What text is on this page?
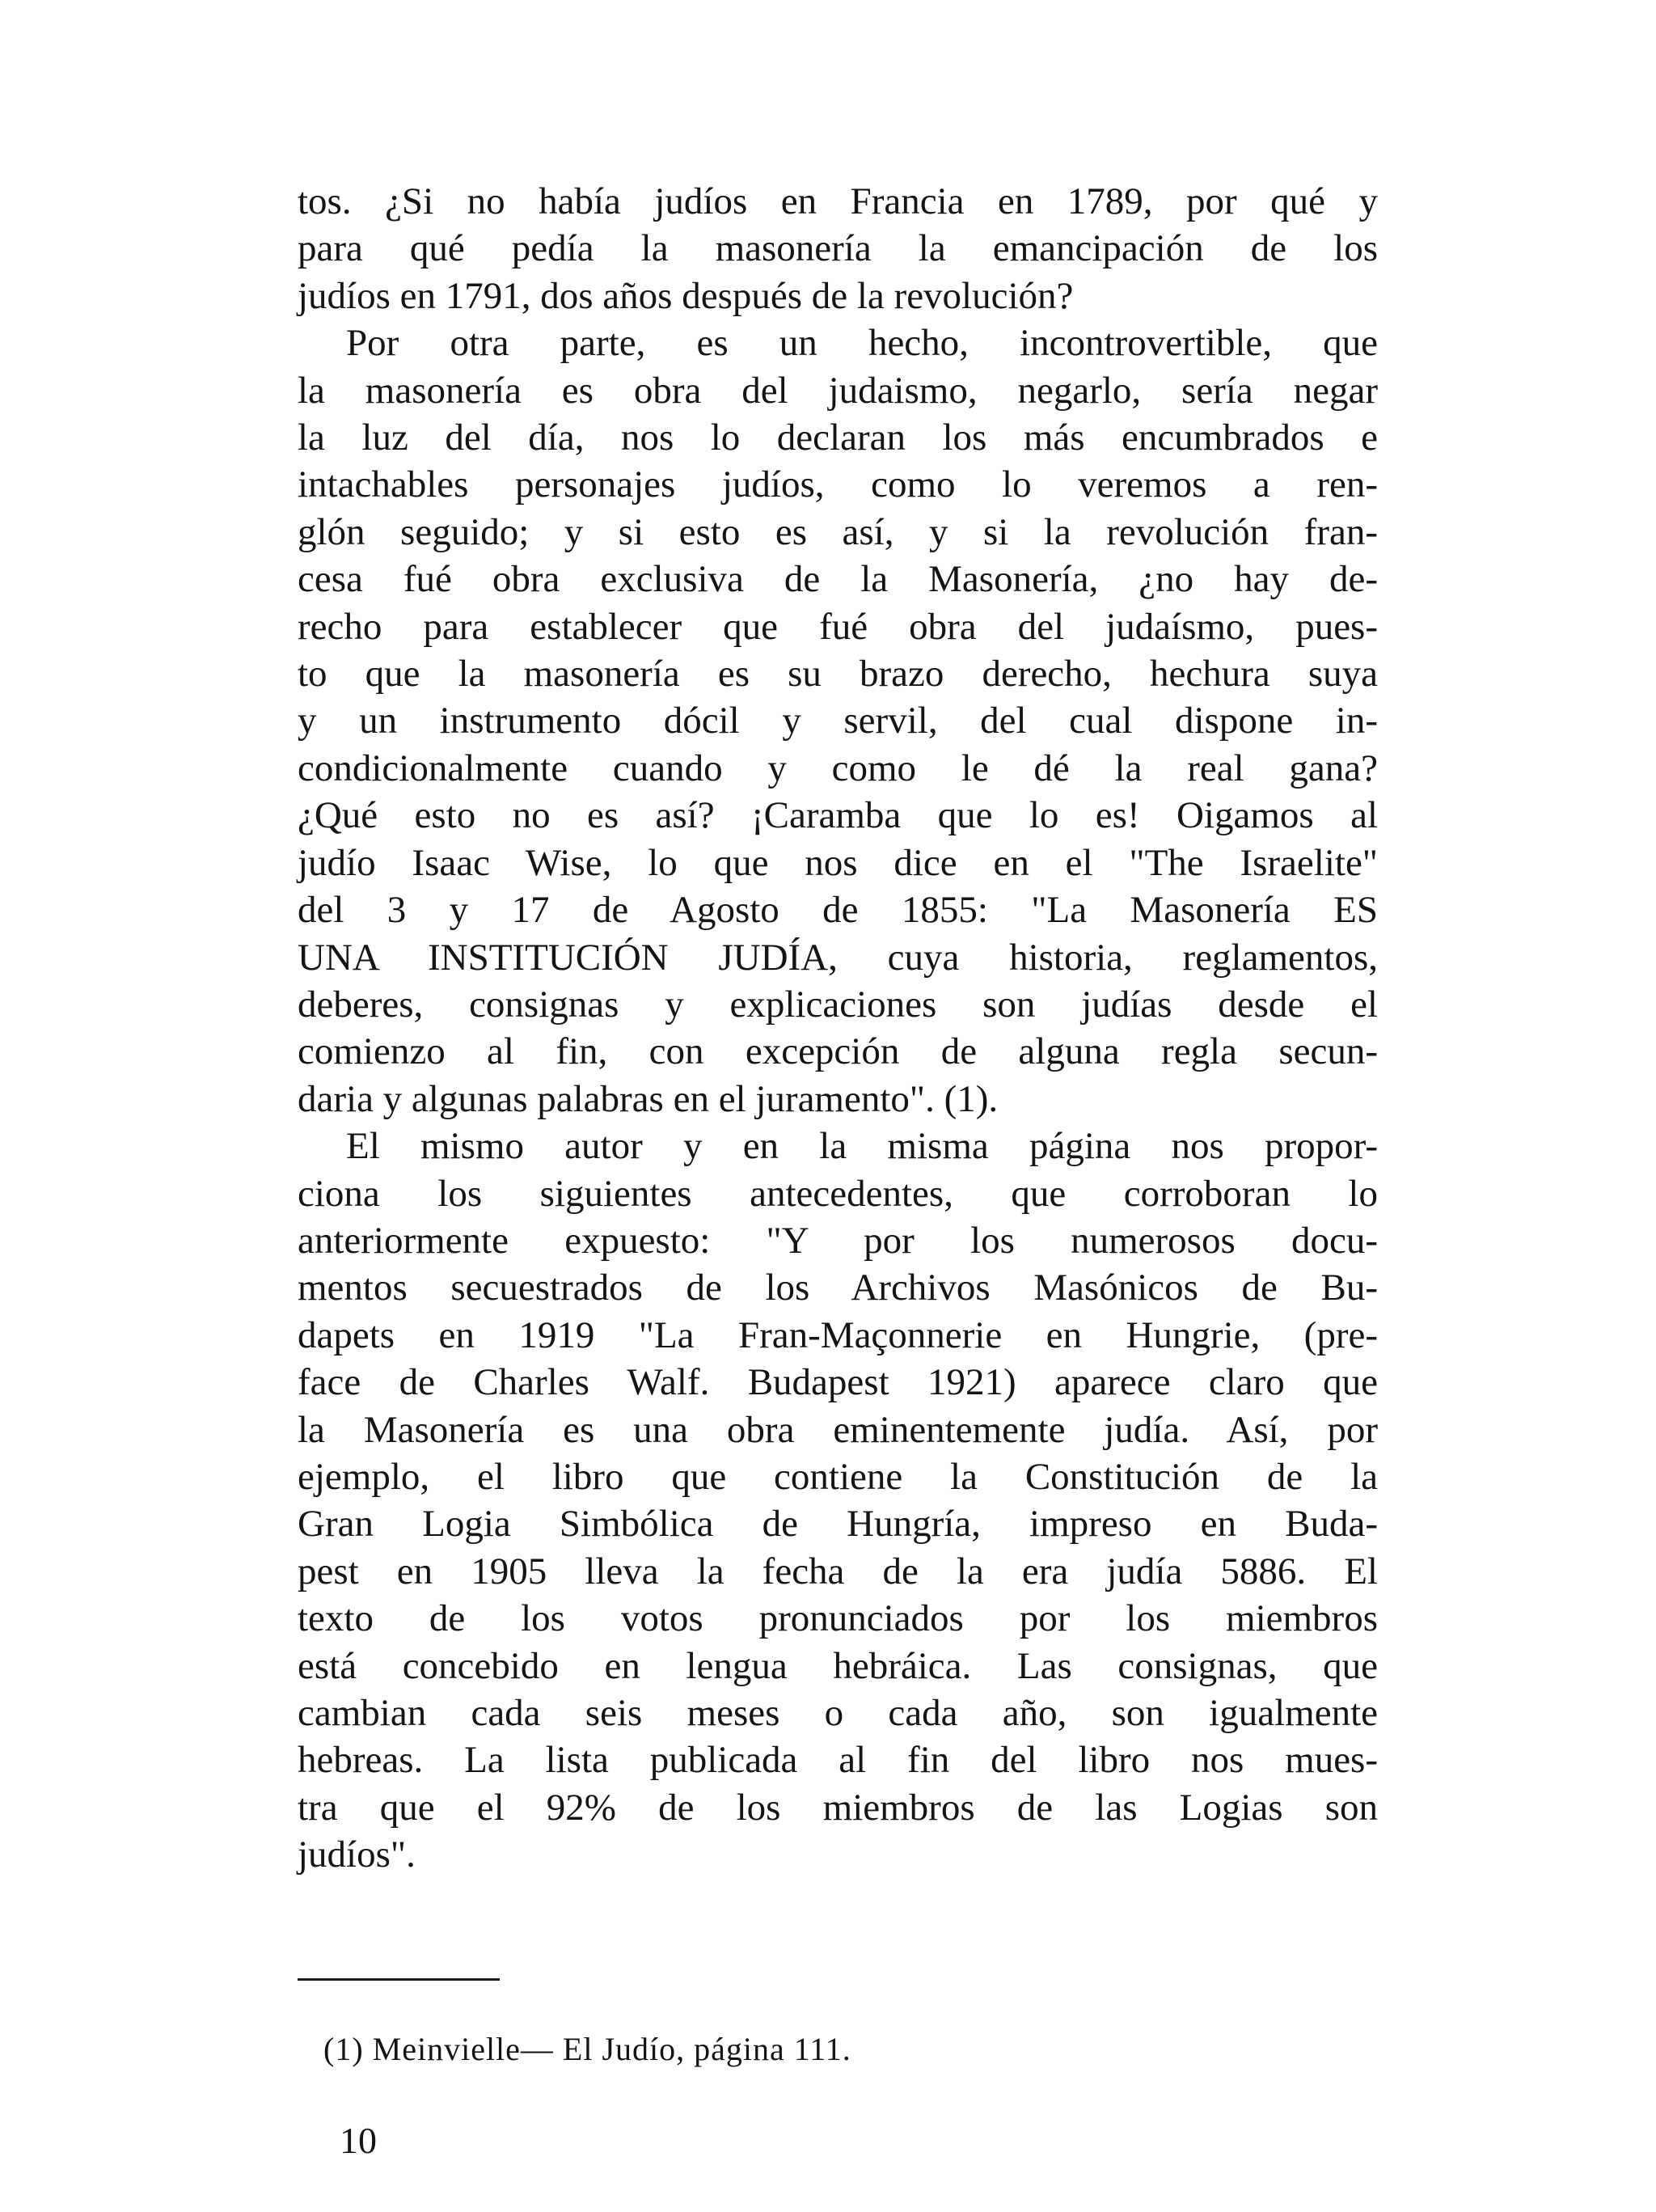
tos. ¿Si no había judíos en Francia en 1789, por qué y
para qué pedía la masonería la emancipación de los
judíos en 1791, dos años después de la revolución?

Por otra parte, es un hecho, incontrovertible, que
la masonería es obra del judaismo, negarlo, sería negar
la luz del día, nos lo declaran los más encumbrados e
intachables personajes judíos, como lo veremos a ren-
glón seguido; y si esto es así, y si la revolución fran-
cesa fué obra exclusiva de la Masonería, ¿no hay de-
recho para establecer que fué obra del judaísmo, pues-
to que la masonería es su brazo derecho, hechura suya
y un instrumento dócil y servil, del cual dispone in-
condicionalmente cuando y como le dé la real gana?
¿Qué esto no es así? ¡Caramba que lo es! Oigamos al
judío Isaac Wise, lo que nos dice en el "The Israelite"
del 3 y 17 de Agosto de 1855: "La Masonería ES
UNA INSTITUCIÓN JUDÍA, cuya historia, reglamentos,
deberes, consignas y explicaciones son judías desde el
comienzo al fin, con excepción de alguna regla secun-
daria y algunas palabras en el juramento". (1).

El mismo autor y en la misma página nos propor-
ciona los siguientes antecedentes, que corroboran lo
anteriormente expuesto: "Y por los numerosos docu-
mentos secuestrados de los Archivos Masónicos de Bu-
dapets en 1919 "La Fran-Maçonnerie en Hungrie, (pre-
face de Charles Walf. Budapest 1921) aparece claro que
la Masonería es una obra eminentemente judía. Así, por
ejemplo, el libro que contiene la Constitución de la
Gran Logia Simbólica de Hungría, impreso en Buda-
pest en 1905 lleva la fecha de la era judía 5886. El
texto de los votos pronunciados por los miembros
está concebido en lengua hebráica. Las consignas, que
cambian cada seis meses o cada año, son igualmente
hebreas. La lista publicada al fin del libro nos mues-
tra que el 92% de los miembros de las Logias son
judíos".

(1) Meinvielle— El Judío, página 111.
10
